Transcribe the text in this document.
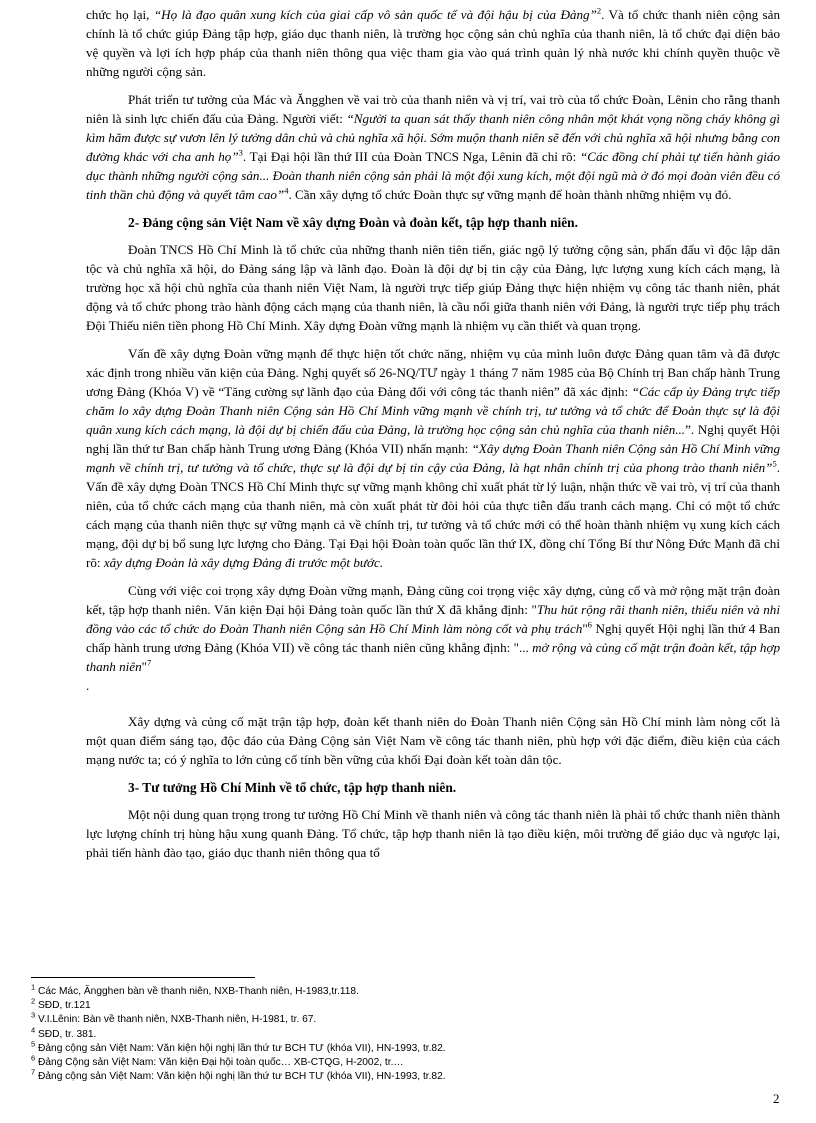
chức họ lại, “Họ là đạo quân xung kích của giai cấp vô sản quốc tế và đội hậu bị của Đảng”$^2$. Và tổ chức thanh niên cộng sản chính là tổ chức giúp Đảng tập hợp, giáo dục thanh niên, là trường học cộng sản chủ nghĩa của thanh niên, là tổ chức đại diện bảo vệ quyền và lợi ích hợp pháp của thanh niên thông qua việc tham gia vào quá trình quản lý nhà nước khi chính quyền thuộc về những người cộng sản.

Phát triển tư tưởng của Mác và Ăngghen về vai trò của thanh niên và vị trí, vai trò của tổ chức Đoàn, Lênin cho rằng thanh niên là sinh lực chiến đấu của Đảng. Người viết: “Người ta quan sát thấy thanh niên công nhân một khát vọng nồng cháy không gì kìm hãm được sự vươn lên lý tưởng dân chủ và chủ nghĩa xã hội. Sớm muộn thanh niên sẽ đến với chủ nghĩa xã hội nhưng bằng con đường khác với cha anh họ”$^3$. Tại Đại hội lần thứ III của Đoàn TNCS Nga, Lênin đã chỉ rõ: “Các đồng chí phải tự tiến hành giáo dục thành những người cộng sản... Đoàn thanh niên cộng sản phải là một đội xung kích, một đội ngũ mà ở đó mọi đoàn viên đều có tinh thần chủ động và quyết tâm cao”$^4$. Cần xây dựng tổ chức Đoàn thực sự vững mạnh để hoàn thành những nhiệm vụ đó.

2- Đảng cộng sản Việt Nam về xây dựng Đoàn và đoàn kết, tập hợp thanh niên.

Đoàn TNCS Hồ Chí Minh là tổ chức của những thanh niên tiên tiến, giác ngộ lý tưởng cộng sản, phấn đấu vì độc lập dân tộc và chủ nghĩa xã hội, do Đảng sáng lập và lãnh đạo. Đoàn là đội dự bị tin cậy của Đảng, lực lượng xung kích cách mạng, là trường học xã hội chủ nghĩa của thanh niên Việt Nam, là người trực tiếp giúp Đảng thực hiện nhiệm vụ công tác thanh niên, phát động và tổ chức phong trào hành động cách mạng của thanh niên, là cầu nối giữa thanh niên với Đảng, là người trực tiếp phụ trách Đội Thiếu niên tiền phong Hồ Chí Minh. Xây dựng Đoàn vững mạnh là nhiệm vụ cần thiết và quan trọng.

Vấn đề xây dựng Đoàn vững mạnh để thực hiện tốt chức năng, nhiệm vụ của mình luôn được Đảng quan tâm và đã được xác định trong nhiều văn kiện của Đảng. Nghị quyết số 26-NQ/TƯ ngày 1 tháng 7 năm 1985 của Bộ Chính trị Ban chấp hành Trung ương Đảng (Khóa V) về “Tăng cường sự lãnh đạo của Đảng đối với công tác thanh niên” đã xác định: “Các cấp ủy Đảng trực tiếp chăm lo xây dựng Đoàn Thanh niên Cộng sản Hồ Chí Minh vững mạnh về chính trị, tư tưởng và tổ chức để Đoàn thực sự là đội quân xung kích cách mạng, là đội dự bị chiến đấu của Đảng, là trường học cộng sản chủ nghĩa của thanh niên...”. Nghị quyết Hội nghị lần thứ tư Ban chấp hành Trung ương Đảng (Khóa VII) nhấn mạnh: “Xây dựng Đoàn Thanh niên Cộng sản Hồ Chí Minh vững mạnh về chính trị, tư tưởng và tổ chức, thực sự là đội dự bị tin cậy của Đảng, là hạt nhân chính trị của phong trào thanh niên”$^5$. Vấn đề xây dựng Đoàn TNCS Hồ Chí Minh thực sự vững mạnh không chỉ xuất phát từ lý luận, nhận thức về vai trò, vị trí của thanh niên, của tổ chức cách mạng của thanh niên, mà còn xuất phát từ đòi hỏi của thực tiễn đấu tranh cách mạng. Chỉ có một tổ chức cách mạng của thanh niên thực sự vững mạnh cả về chính trị, tư tưởng và tổ chức mới có thể hoàn thành nhiệm vụ xung kích cách mạng, đội dự bị bổ sung lực lượng cho Đảng. Tại Đại hội Đoàn toàn quốc lần thứ IX, đồng chí Tổng Bí thư Nông Đức Mạnh đã chỉ rõ: xây dựng Đoàn là xây dựng Đảng đi trước một bước.

Cùng với việc coi trọng xây dựng Đoàn vững mạnh, Đảng cũng coi trọng việc xây dựng, củng cố và mở rộng mặt trận đoàn kết, tập hợp thanh niên. Văn kiện Đại hội Đảng toàn quốc lần thứ X đã khẳng định: "Thu hút rộng rãi thanh niên, thiếu niên và nhi đồng vào các tổ chức do Đoàn Thanh niên Cộng sản Hồ Chí Minh làm nòng cốt và phụ trách"$^6$ Nghị quyết Hội nghị lần thứ 4 Ban chấp hành trung ương Đảng (Khóa VII) về công tác thanh niên cũng khẳng định: "... mở rộng và củng cố mặt trận đoàn kết, tập hợp thanh niên"$^7$

.

Xây dựng và củng cố mặt trận tập hợp, đoàn kết thanh niên do Đoàn Thanh niên Cộng sản Hồ Chí minh làm nòng cốt là một quan điểm sáng tạo, độc đáo của Đảng Cộng sản Việt Nam về công tác thanh niên, phù hợp với đặc điểm, điều kiện của cách mạng nước ta; có ý nghĩa to lớn củng cố tính bền vững của khối Đại đoàn kết toàn dân tộc.

3- Tư tưởng Hồ Chí Minh về tổ chức, tập hợp thanh niên.

Một nội dung quan trọng trong tư tưởng Hồ Chí Minh về thanh niên và công tác thanh niên là phải tổ chức thanh niên thành lực lượng chính trị hùng hậu xung quanh Đảng. Tổ chức, tập hợp thanh niên là tạo điều kiện, môi trường để giáo dục và ngược lại, phải tiến hành đào tạo, giáo dục thanh niên thông qua tổ

$^1$ Các Mác, Ăngghen bàn về thanh niên, NXB-Thanh niên, H-1983,tr.118.
$^2$ SĐD, tr.121
$^3$ V.I.Lênin: Bàn về thanh niên, NXB-Thanh niên, H-1981, tr. 67.
$^4$ SĐD, tr. 381.
$^5$ Đảng cộng sản Việt Nam: Văn kiện hội nghị lần thứ tư BCH TƯ (khóa VII), HN-1993, tr.82.
$^6$ Đảng Cộng sản Việt Nam: Văn kiện Đại hội toàn quốc… XB-CTQG, H-2002, tr.…
$^7$ Đảng cộng sản Việt Nam: Văn kiện hội nghị lần thứ tư BCH TƯ (khóa VII), HN-1993, tr.82.
2
